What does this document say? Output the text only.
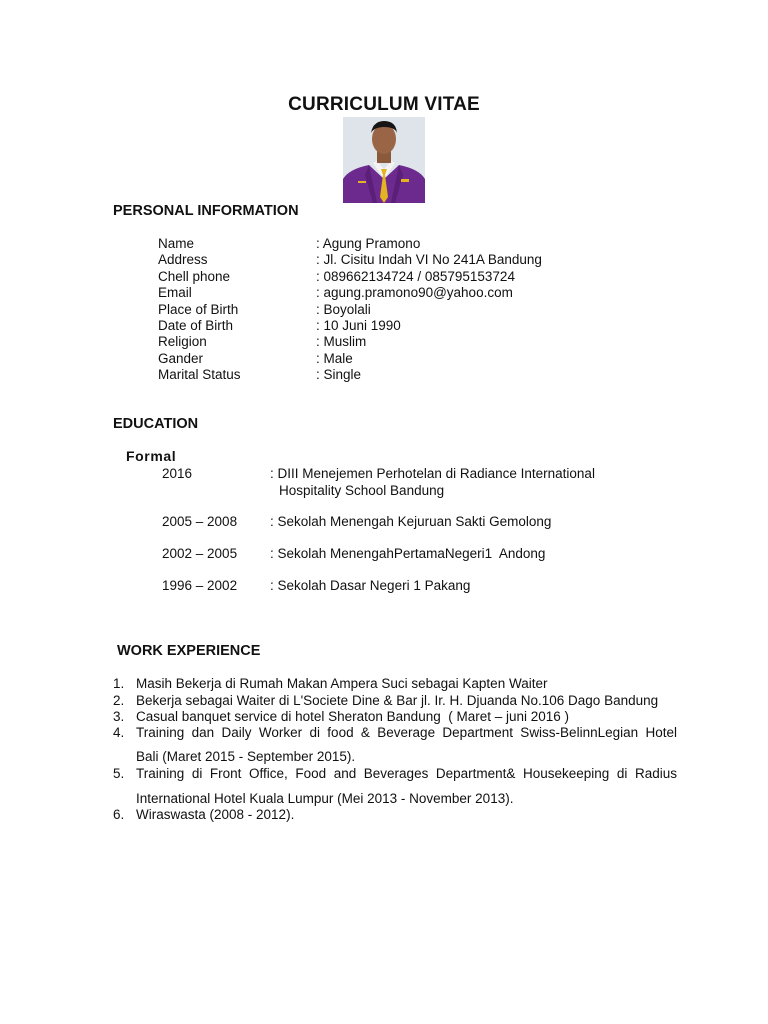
CURRICULUM VITAE
PERSONAL INFORMATION
Name	: Agung Pramono
Address	: Jl. Cisitu Indah VI No 241A Bandung
Chell phone	: 089662134724 / 085795153724
Email	: agung.pramono90@yahoo.com
Place of Birth	: Boyolali
Date of Birth	: 10 Juni 1990
Religion	: Muslim
Gander	: Male
Marital Status	: Single
EDUCATION
Formal
2016	: DIII Menejemen Perhotelan di Radiance International
Hospitality School Bandung
2005 – 2008 : Sekolah Menengah Kejuruan Sakti Gemolong
2002 – 2005 : Sekolah MenengahPertamaNegeri1  Andong
1996 – 2002 : Sekolah Dasar Negeri 1 Pakang
WORK EXPERIENCE
1. Masih Bekerja di Rumah Makan Ampera Suci sebagai Kapten Waiter
2. Bekerja sebagai Waiter di L'Societe Dine & Bar jl. Ir. H. Djuanda No.106 Dago Bandung
3. Casual banquet service di hotel Sheraton Bandung  ( Maret – juni 2016 )
4. Training dan Daily Worker di food & Beverage Department Swiss-BelinnLegian Hotel
Bali (Maret 2015 - September 2015).
5. Training di Front Office, Food and Beverages Department& Housekeeping di Radius
International Hotel Kuala Lumpur (Mei 2013 - November 2013).
6. Wiraswasta (2008 - 2012).
